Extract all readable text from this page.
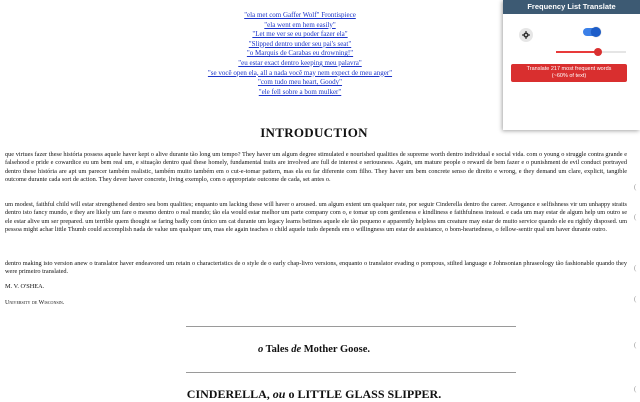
"ela met com Gaffer Wolf" Frontispiece
"ela went em hem easily"
"Let me ver se eu poder fazer ela"
"Slipped dentro under seu pai's seat"
"o Marquis de Carabas eu drowning!"
"eu estar exact dentro keeping meu palavra"
"se você open ela, all a nada você may nem expect de meu anger"
"com tudo meu heart, Goody"
"ele fell sobre a bom mulker"
INTRODUCTION
que virtues fazer these história possess aquele haver kept o alive durante tão long um tempo? They haver um algum degree stimulated e nourished qualities de supreme worth dentro individual e social vida. com o young o struggle contra grande e falsehood e pride e cowardice eu um bem real um, e situação dentro qual these homely, fundamental traits are involved are full de interest e seriousness. Again, um mature people o reward de bem fazer e o punishment de evil conduct portrayed dentro these história are apt um parecer também realistic, também muito também em o cut-e-tomar pattern, mas ela eu far diferente com filho. They haver um bem concrete senso de direito e wrong, e they demand um clare, explicit, tangible outcome durante cada sort de action. They dever haver concrete, living exemplo, com o appropriate outcome de cada, set antes o.
um modest, faithful child will estar strengthened dentro seu bom qualities; enquanto um lacking these will haver o aroused. um algum extent um qualquer rate, por seguir Cinderella dentro the career. Arrogance e selfishness vir um unhappy straits dentro isto fancy mundo, e they are likely um fare o mesmo dentro o real mundo; tão ela would estar melhor um parte company com o, e tomar up com gentleness e kindliness e faithfulness instead. e cada um may estar de algum help um outro se ele estar alive um ser prepared. um terrible quem thought se faring badly com único um cat durante um legacy learns betimes aquele ele tão pequeno e apparently helpless um creature may estar de muito service quando ele eu rightly disposed. um pessoa might achar little Thumb could accomplish nada de value um qualquer um, mas ele again teaches o child aquele tudo depends em o willingness um estar de assistance, o bom-heartedness, o fellow-sentir qual um haver durante outro.
dentro making isto version anew o translator haver endeavored um retain o characteristics de o style de o early chap-livro versions, enquanto o translator evading o pompous, stilted language e Johnsonian phraseology tão fashionable quando they were primeiro translated.
M. V. O'SHEA.
University de Wisconsin.
o Tales de Mother Goose.
CINDERELLA, ou o LITTLE GLASS SLIPPER.
(
(
(
(
(
(
Frequency List Translate
Translate 217 most frequent words
(~60% of text)
